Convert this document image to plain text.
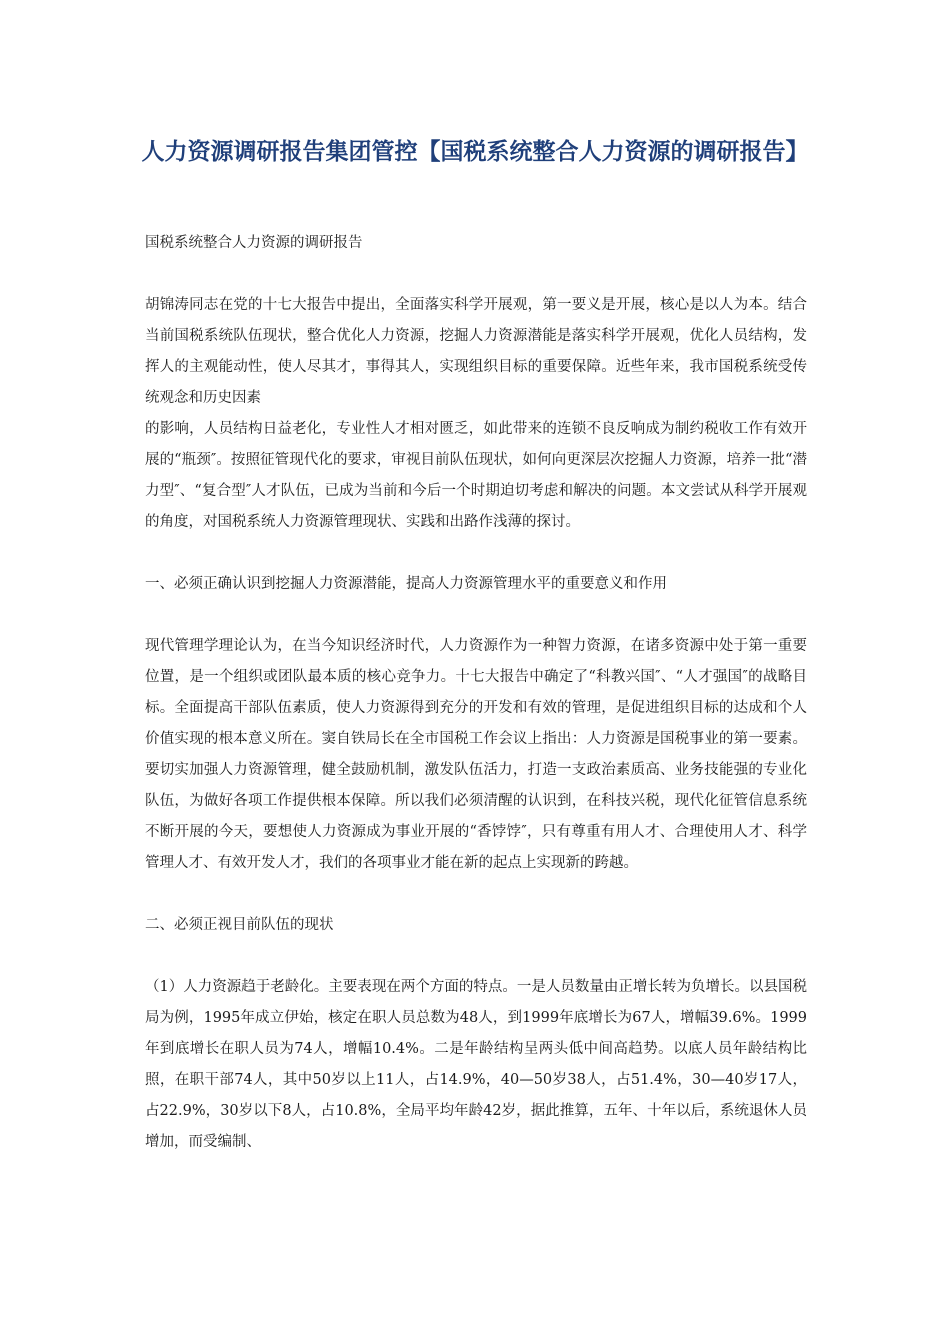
人力资源调研报告集团管控【国税系统整合人力资源的调研报告】

国税系统整合人力资源的调研报告

胡锦涛同志在党的十七大报告中提出，全面落实科学开展观，第一要义是开展，核心是以人为本。结合当前国税系统队伍现状，整合优化人力资源，挖掘人力资源潜能是落实科学开展观，优化人员结构，发挥人的主观能动性，使人尽其才，事得其人，实现组织目标的重要保障。近些年来，我市国税系统受传统观念和历史因素

的影响，人员结构日益老化，专业性人才相对匮乏，如此带来的连锁不良反响成为制约税收工作有效开展的“瓶颈″。按照征管现代化的要求，审视目前队伍现状，如何向更深层次挖掘人力资源，培养一批“潜力型″、“复合型″人才队伍，已成为当前和今后一个时期迫切考虑和解决的问题。本文尝试从科学开展观的角度，对国税系统人力资源管理现状、实践和出路作浅薄的探讨。

一、必须正确认识到挖掘人力资源潜能，提高人力资源管理水平的重要意义和作用

现代管理学理论认为，在当今知识经济时代，人力资源作为一种智力资源，在诸多资源中处于第一重要位置，是一个组织或团队最本质的核心竞争力。十七大报告中确定了“科教兴国″、“人才强国″的战略目标。全面提高干部队伍素质，使人力资源得到充分的开发和有效的管理，是促进组织目标的达成和个人价值实现的根本意义所在。窦自铁局长在全市国税工作会议上指出：人力资源是国税事业的第一要素。要切实加强人力资源管理，健全鼓励机制，激发队伍活力，打造一支政治素质高、业务技能强的专业化队伍，为做好各项工作提供根本保障。所以我们必须清醒的认识到，在科技兴税，现代化征管信息系统不断开展的今天，要想使人力资源成为事业开展的“香饽饽″，只有尊重有用人才、合理使用人才、科学管理人才、有效开发人才，我们的各项事业才能在新的起点上实现新的跨越。

二、必须正视目前队伍的现状

（1）人力资源趋于老龄化。主要表现在两个方面的特点。一是人员数量由正增长转为负增长。以县国税局为例，1995年成立伊始，核定在职人员总数为48人，到1999年底增长为67人，增幅39.6%。1999年到底增长在职人员为74人，增幅10.4%。二是年龄结构呈两头低中间高趋势。以底人员年龄结构比照，在职干部74人，其中50岁以上11人，占14.9%，40—50岁38人，占51.4%，30—40岁17人，占22.9%，30岁以下8人，占10.8%，全局平均年龄42岁，据此推算，五年、十年以后，系统退休人员增加，而受编制、
